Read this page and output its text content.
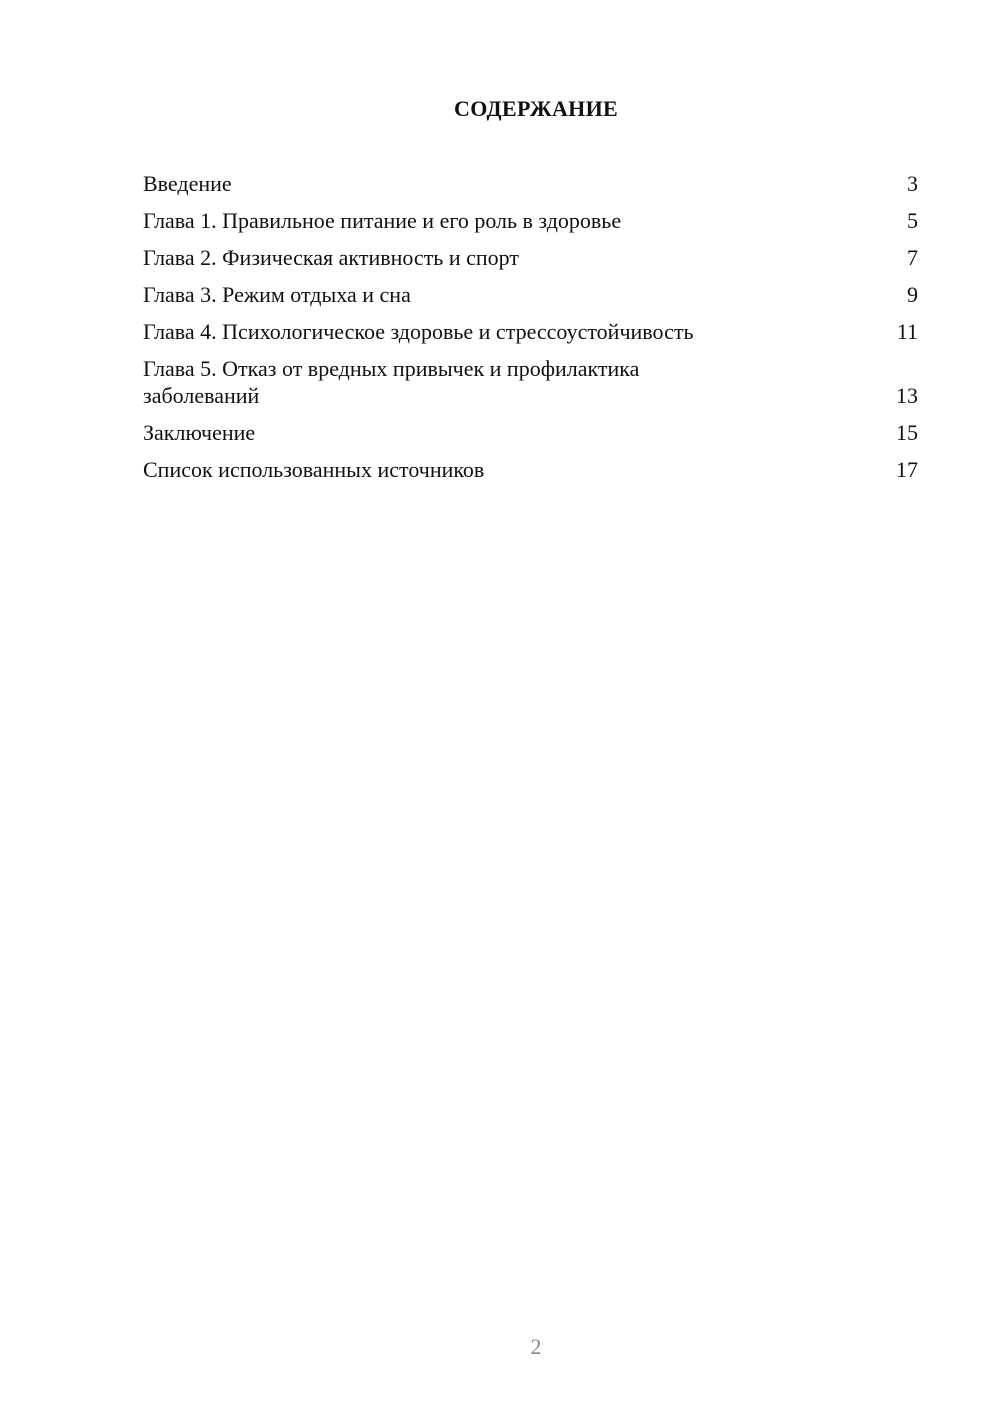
СОДЕРЖАНИЕ
Введение	3
Глава 1. Правильное питание и его роль в здоровье	5
Глава 2. Физическая активность и спорт	7
Глава 3. Режим отдыха и сна	9
Глава 4. Психологическое здоровье и стрессоустойчивость	11
Глава 5. Отказ от вредных привычек и профилактика заболеваний	13
Заключение	15
Список использованных источников	17
2
